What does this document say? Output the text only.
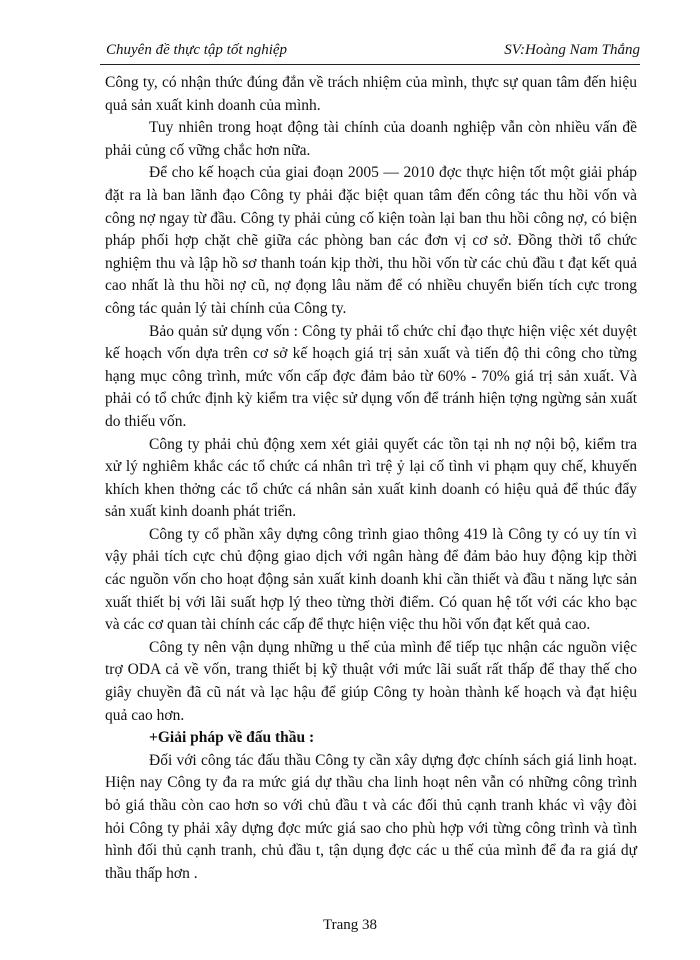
Chuyên đề thực tập tốt nghiệp	SV:Hoàng Nam Thắng

Công ty, có nhận thức đúng đắn về trách nhiệm của mình, thực sự quan tâm đến hiệu quả sản xuất kinh doanh của mình.

Tuy nhiên trong hoạt động tài chính của doanh nghiệp vẫn còn nhiều vấn đề phải củng cố vững chắc hơn nữa.

Để cho kế hoạch của giai đoạn 2005 — 2010 đợc thực hiện tốt một giải pháp đặt ra là ban lãnh đạo Công ty phải đặc biệt quan tâm đến công tác thu hồi vốn và công nợ ngay từ đầu. Công ty phải củng cố kiện toàn lại ban thu hồi công nợ, có biện pháp phối hợp chặt chẽ giữa các phòng ban các đơn vị cơ sở. Đồng thời tổ chức nghiệm thu và lập hồ sơ thanh toán kịp thời, thu hồi vốn từ các chủ đầu t đạt kết quả cao nhất là thu hồi nợ cũ, nợ đọng lâu năm để có nhiều chuyển biến tích cực trong công tác quản lý tài chính của Công ty.

Bảo quản sử dụng vốn : Công ty phải tổ chức chỉ đạo thực hiện việc xét duyệt kế hoạch vốn dựa trên cơ sở kế hoạch giá trị sản xuất và tiến độ thi công cho từng hạng mục công trình, mức vốn cấp đợc đảm bảo từ 60% - 70% giá trị sản xuất. Và phải có tổ chức định kỳ kiểm tra việc sử dụng vốn để tránh hiện tợng ngừng sản xuất do thiếu vốn.

Công ty phải chủ động xem xét giải quyết các tồn tại nh nợ nội bộ, kiểm tra xử lý nghiêm khắc các tổ chức cá nhân trì trệ ỷ lại cố tình vi phạm quy chế, khuyến khích khen thởng các tổ chức cá nhân sản xuất kinh doanh có hiệu quả để thúc đẩy sản xuất kinh doanh phát triển.

Công ty cổ phần xây dựng công trình giao thông 419 là Công ty có uy tín vì vậy phải tích cực chủ động giao dịch với ngân hàng để đảm bảo huy động kịp thời các nguồn vốn cho hoạt động sản xuất kinh doanh khi cần thiết và đầu t năng lực sản xuất thiết bị với lãi suất hợp lý theo từng thời điểm. Có quan hệ tốt với các kho bạc và các cơ quan tài chính các cấp để thực hiện việc thu hồi vốn đạt kết quả cao.

Công ty nên vận dụng những u thế của mình để tiếp tục nhận các nguồn việc trợ ODA cả về vốn, trang thiết bị kỹ thuật với mức lãi suất rất thấp để thay thế cho giây chuyền đã cũ nát và lạc hậu để giúp Công ty hoàn thành kế hoạch và đạt hiệu quả cao hơn.

+Giải pháp về đấu thầu :

Đối với công tác đấu thầu Công ty cần xây dựng đợc chính sách giá linh hoạt. Hiện nay Công ty đa ra mức giá dự thầu cha linh hoạt nên vẫn có những công trình bỏ giá thầu còn cao hơn so với chủ đầu t và các đối thủ cạnh tranh khác vì vậy đòi hỏi Công ty phải xây dựng đợc mức giá sao cho phù hợp với từng công trình và tình hình đối thủ cạnh tranh, chủ đầu t, tận dụng đợc các u thế của mình để đa ra giá dự thầu thấp hơn .

Trang 38
